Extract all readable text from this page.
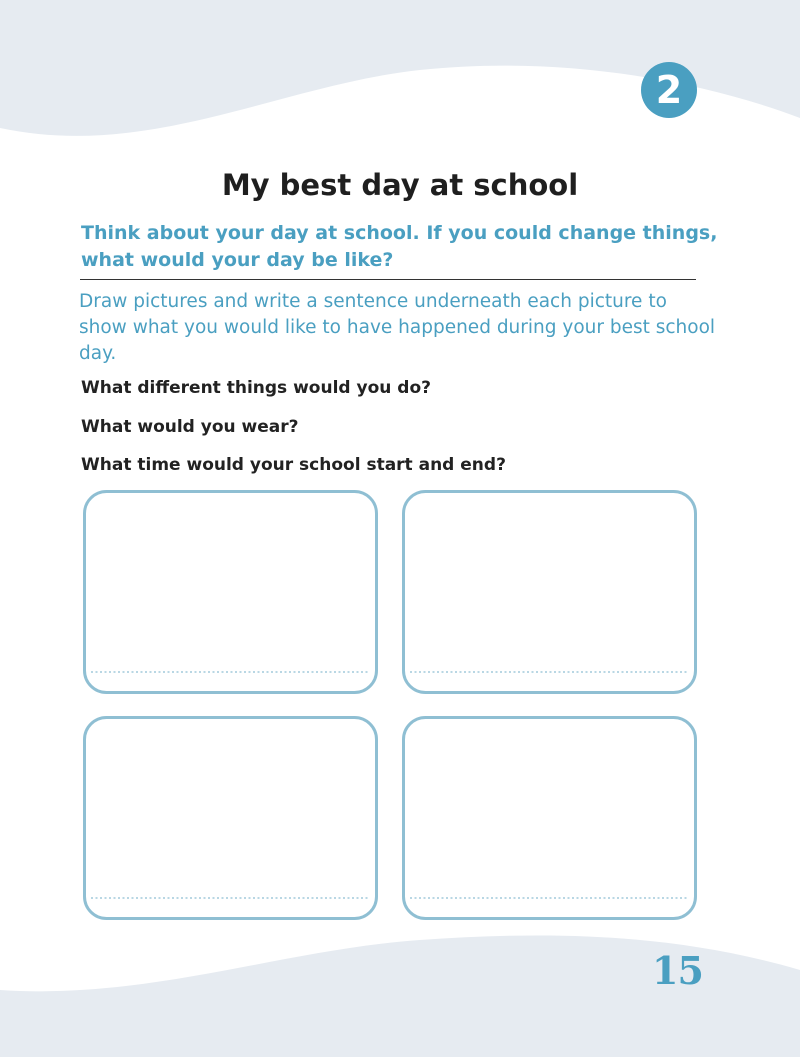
2
My best day at school
Think about your day at school. If you could change things, what would your day be like?
Draw pictures and write a sentence underneath each picture to show what you would like to have happened during your best school day.
What different things would you do?
What would you wear?
What time would your school start and end?
15
